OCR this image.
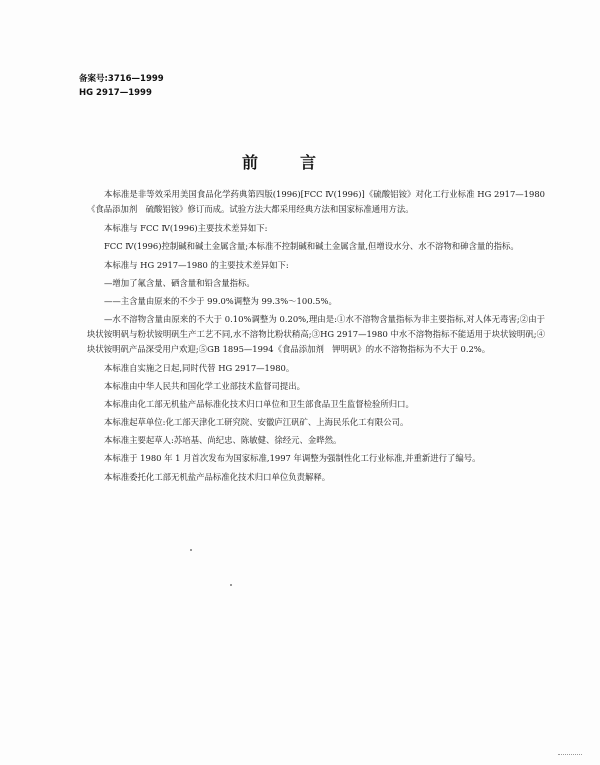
备案号:3716—1999
HG 2917—1999
前言

本标准是非等效采用美国食品化学药典第四版(1996)[FCC Ⅳ(1996)]《硫酸铝铵》对化工行业标准 HG 2917—1980《食品添加剂　硫酸铝铵》修订而成。试验方法大都采用经典方法和国家标准通用方法。

本标准与 FCC Ⅳ(1996)主要技术差异如下:

FCC Ⅳ(1996)控制碱和碱土金属含量;本标准不控制碱和碱土金属含量,但增设水分、水不溶物和砷含量的指标。

本标准与 HG 2917—1980 的主要技术差异如下:

—增加了氟含量、硒含量和铅含量指标。

——主含量由原来的不少于 99.0%调整为 99.3%～100.5%。

—水不溶物含量由原来的不大于 0.10%调整为 0.20%,理由是:①水不溶物含量指标为非主要指标,对人体无毒害;②由于块状铵明矾与粉状铵明矾生产工艺不同,水不溶物比粉状稍高;③HG 2917—1980 中水不溶物指标不能适用于块状铵明矾;④块状铵明矾产品深受用户欢迎;⑤GB 1895—1994《食品添加剂　钾明矾》的水不溶物指标为不大于 0.2%。

本标准自实施之日起,同时代替 HG 2917—1980。

本标准由中华人民共和国化学工业部技术监督司提出。

本标准由化工部无机盐产品标准化技术归口单位和卫生部食品卫生监督检验所归口。

本标准起草单位:化工部天津化工研究院、安徽庐江矾矿、上海民乐化工有限公司。

本标准主要起草人:苏培基、尚纪忠、陈敏健、徐经元、金晔然。

本标准于 1980 年 1 月首次发布为国家标准,1997 年调整为强制性化工行业标准,并重新进行了编号。

本标准委托化工部无机盐产品标准化技术归口单位负责解释。
